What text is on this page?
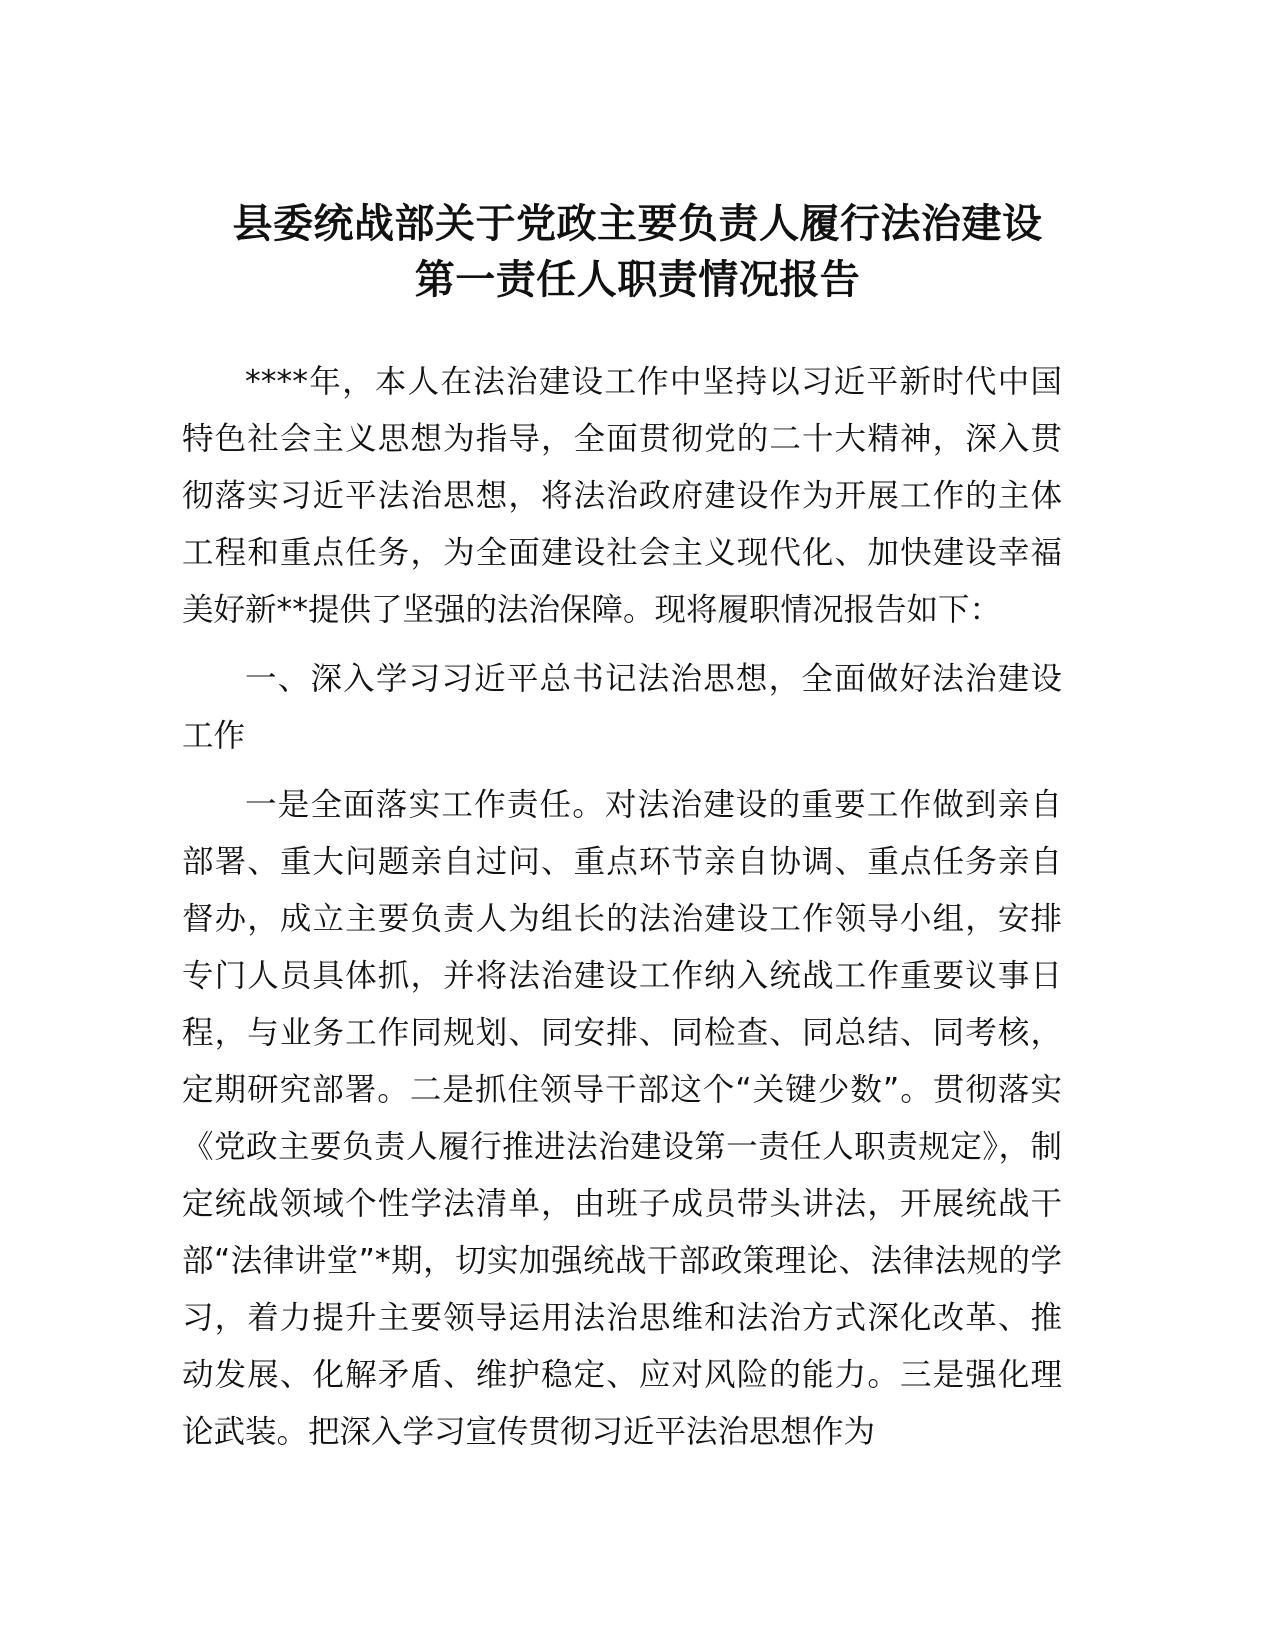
县委统战部关于党政主要负责人履行法治建设
第一责任人职责情况报告

****年，本人在法治建设工作中坚持以习近平新时代中国特色社会主义思想为指导，全面贯彻党的二十大精神，深入贯彻落实习近平法治思想，将法治政府建设作为开展工作的主体工程和重点任务，为全面建设社会主义现代化、加快建设幸福美好新**提供了坚强的法治保障。现将履职情况报告如下：

一、深入学习习近平总书记法治思想，全面做好法治建设工作

一是全面落实工作责任。对法治建设的重要工作做到亲自部署、重大问题亲自过问、重点环节亲自协调、重点任务亲自督办，成立主要负责人为组长的法治建设工作领导小组，安排专门人员具体抓，并将法治建设工作纳入统战工作重要议事日程，与业务工作同规划、同安排、同检查、同总结、同考核，定期研究部署。二是抓住领导干部这个“关键少数”。贯彻落实《党政主要负责人履行推进法治建设第一责任人职责规定》，制定统战领域个性学法清单，由班子成员带头讲法，开展统战干部“法律讲堂”*期，切实加强统战干部政策理论、法律法规的学习，着力提升主要领导运用法治思维和法治方式深化改革、推动发展、化解矛盾、维护稳定、应对风险的能力。三是强化理论武装。把深入学习宣传贯彻习近平法治思想作为
